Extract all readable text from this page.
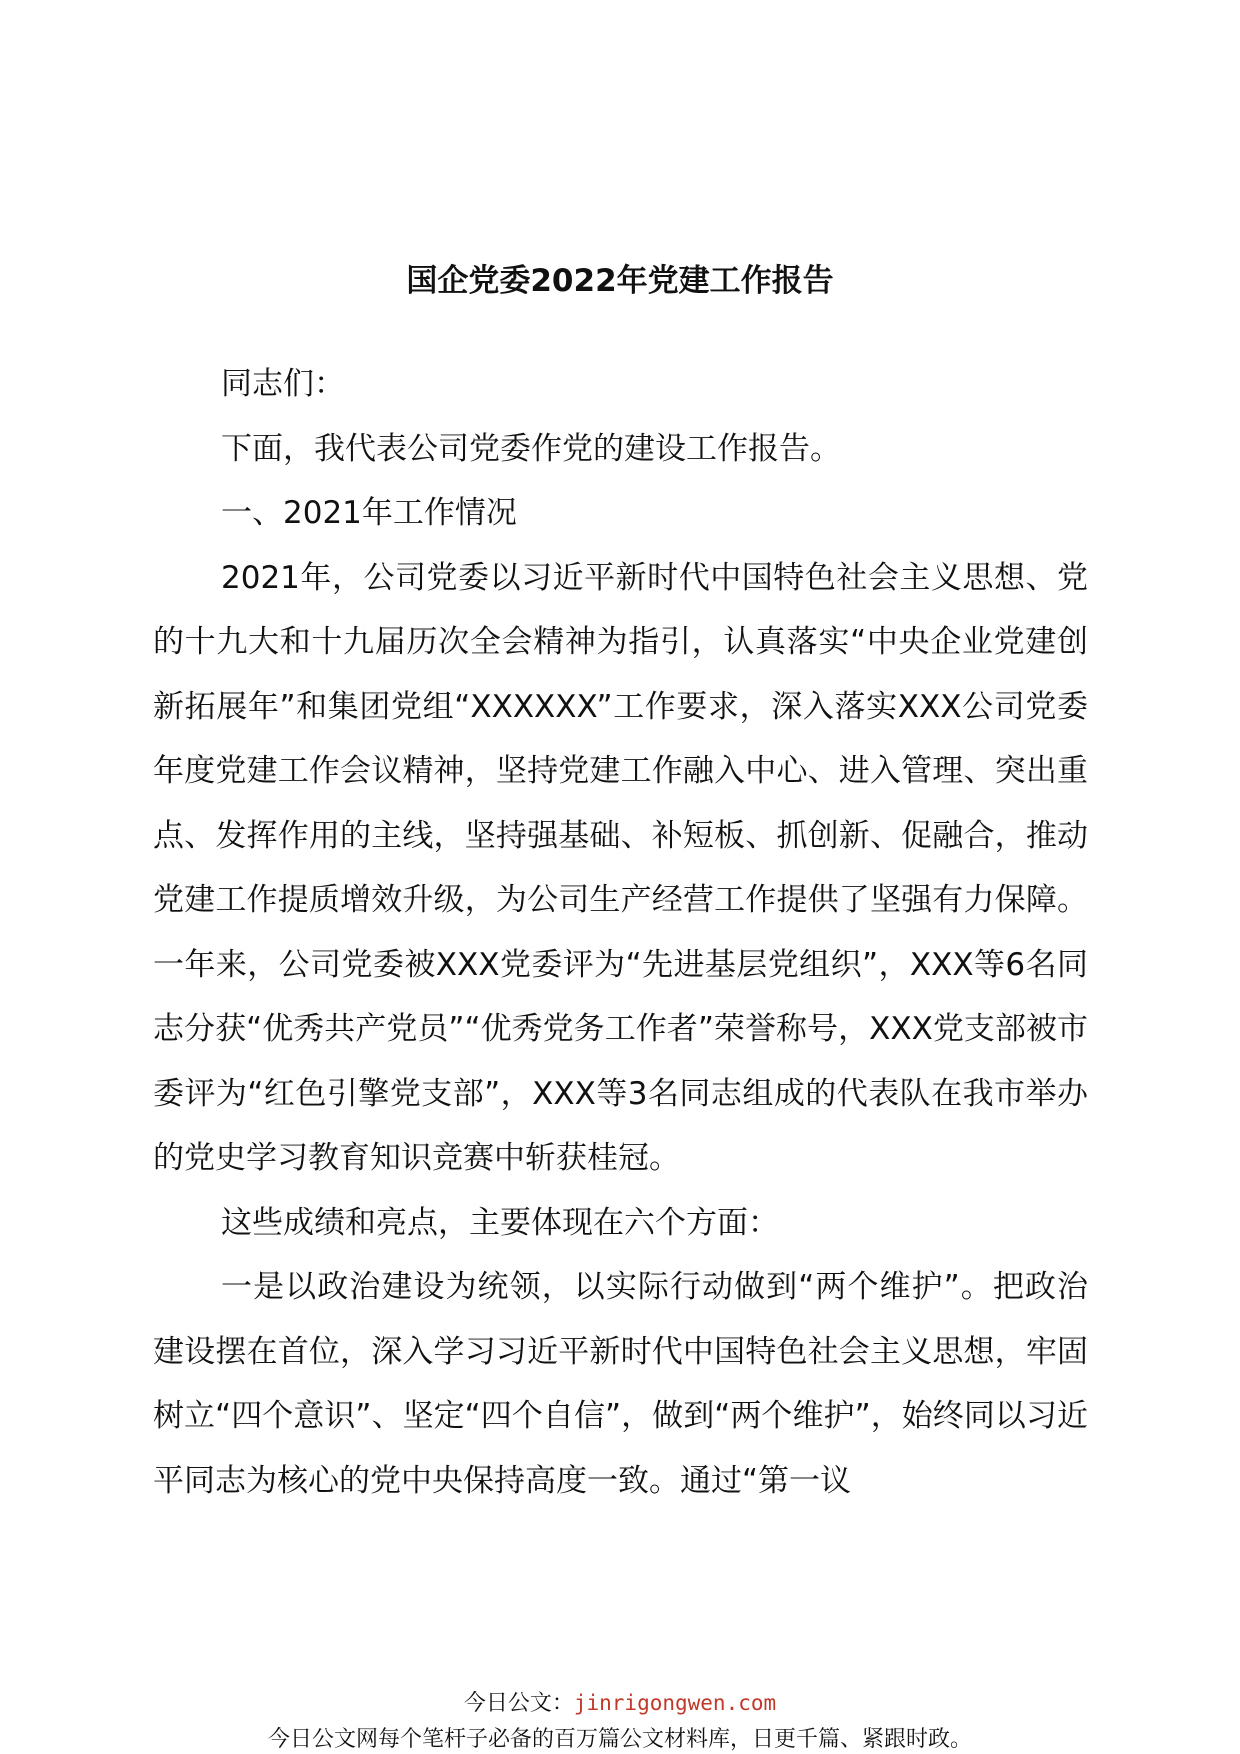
国企党委2022年党建工作报告

同志们：

下面，我代表公司党委作党的建设工作报告。

一、2021年工作情况

2021年，公司党委以习近平新时代中国特色社会主义思想、党的十九大和十九届历次全会精神为指引，认真落实“中央企业党建创新拓展年”和集团党组“XXXXXX”工作要求，深入落实XXX公司党委年度党建工作会议精神，坚持党建工作融入中心、进入管理、突出重点、发挥作用的主线，坚持强基础、补短板、抓创新、促融合，推动党建工作提质增效升级，为公司生产经营工作提供了坚强有力保障。一年来，公司党委被XXX党委评为“先进基层党组织”，XXX等6名同志分获“优秀共产党员”“优秀党务工作者”荣誉称号，XXX党支部被市委评为“红色引擎党支部”，XXX等3名同志组成的代表队在我市举办的党史学习教育知识竞赛中斩获桂冠。

这些成绩和亮点，主要体现在六个方面：

一是以政治建设为统领，以实际行动做到“两个维护”。把政治建设摆在首位，深入学习习近平新时代中国特色社会主义思想，牢固树立“四个意识”、坚定“四个自信”，做到“两个维护”，始终同以习近平同志为核心的党中央保持高度一致。通过“第一议

今日公文：jinrigongwen.com
今日公文网每个笔杆子必备的百万篇公文材料库，日更千篇、紧跟时政。
